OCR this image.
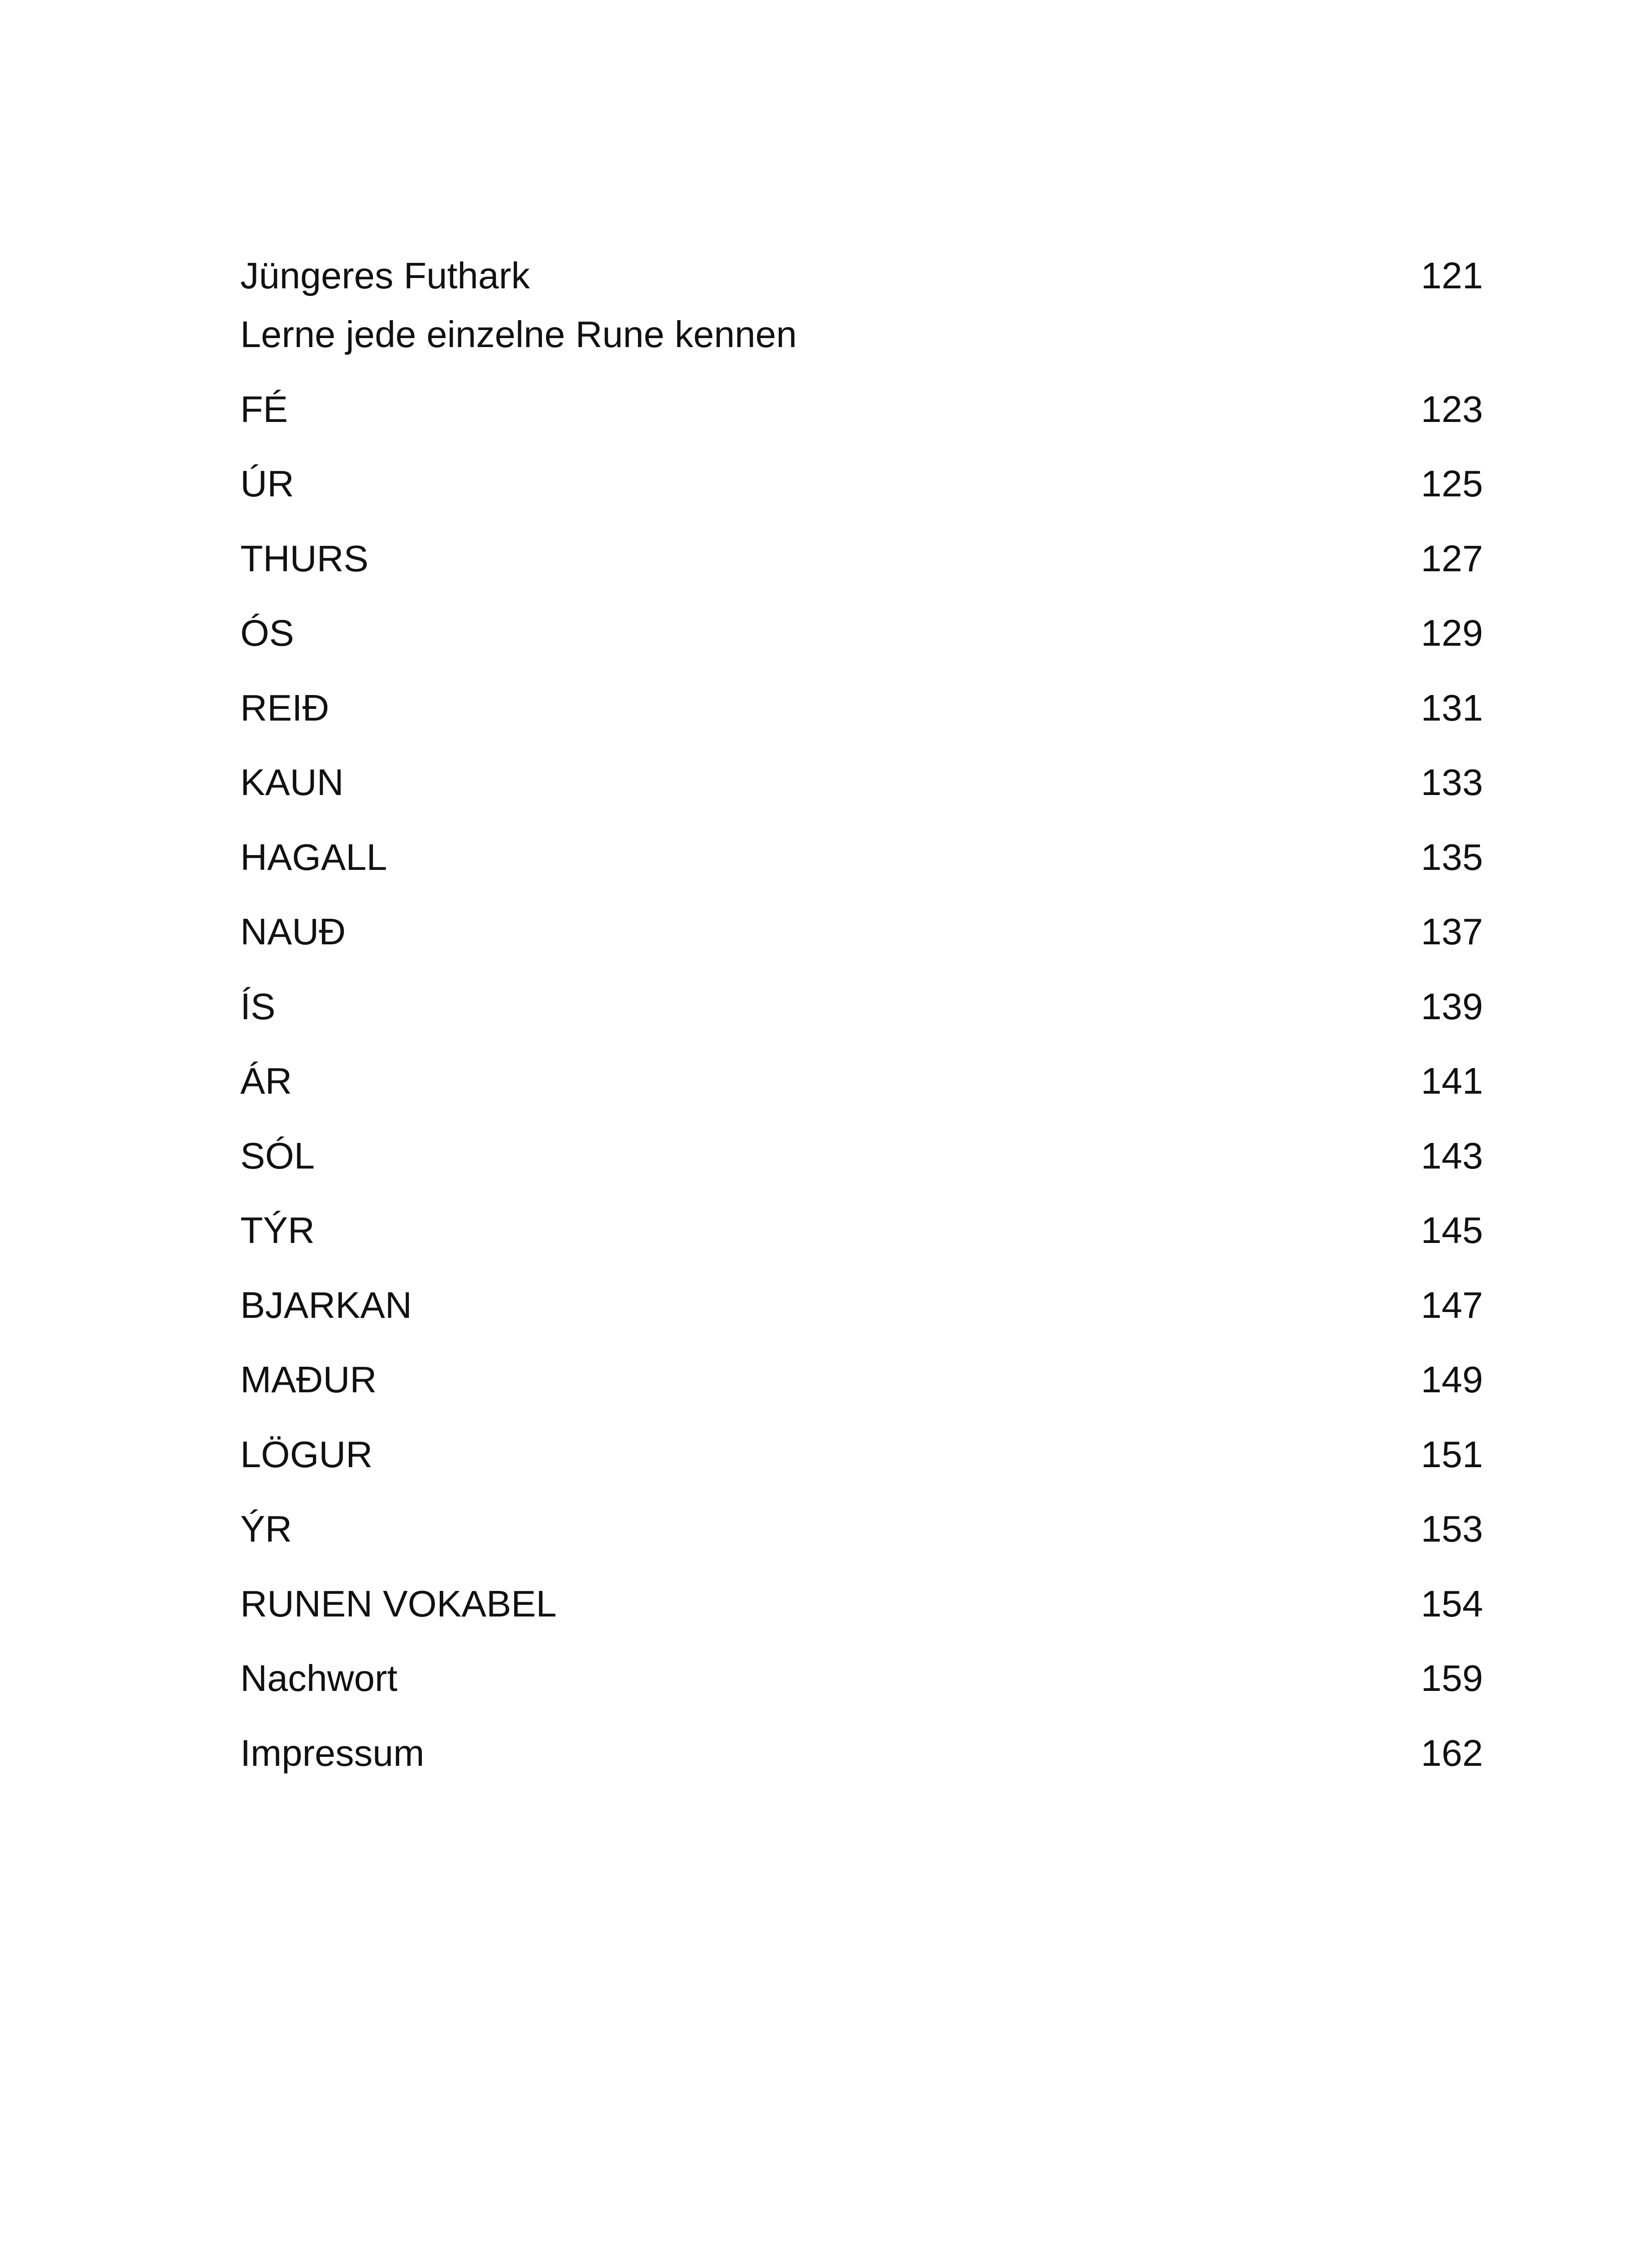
Jüngeres Futhark	121
Lerne jede einzelne Rune kennen
FÉ	123
ÚR	125
THURS	127
ÓS	129
REIÐ	131
KAUN	133
HAGALL	135
NAUÐ	137
ÍS	139
ÁR	141
SÓL	143
TÝR	145
BJARKAN	147
MAÐUR	149
LÖGUR	151
ÝR	153
RUNEN VOKABEL	154
Nachwort	159
Impressum	162
